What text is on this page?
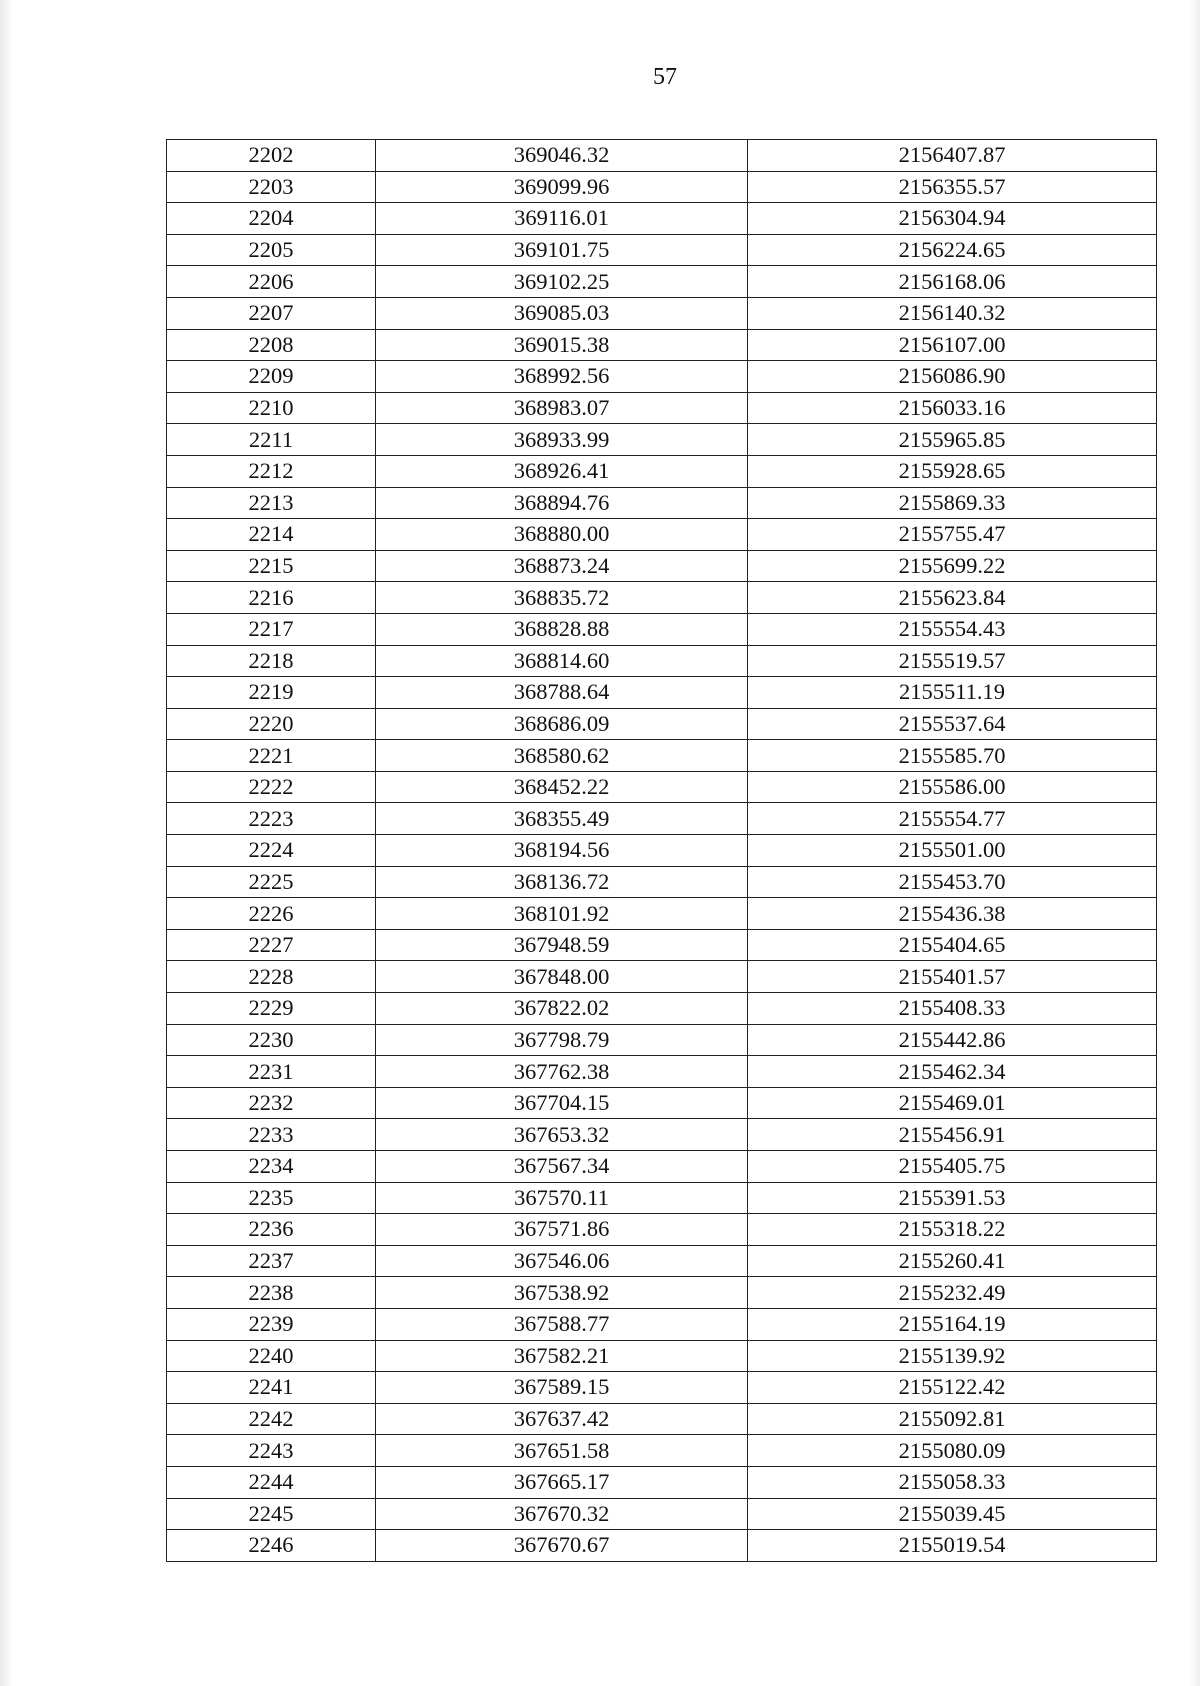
57
2202	369046.32	2156407.87
2203	369099.96	2156355.57
2204	369116.01	2156304.94
2205	369101.75	2156224.65
2206	369102.25	2156168.06
2207	369085.03	2156140.32
2208	369015.38	2156107.00
2209	368992.56	2156086.90
2210	368983.07	2156033.16
2211	368933.99	2155965.85
2212	368926.41	2155928.65
2213	368894.76	2155869.33
2214	368880.00	2155755.47
2215	368873.24	2155699.22
2216	368835.72	2155623.84
2217	368828.88	2155554.43
2218	368814.60	2155519.57
2219	368788.64	2155511.19
2220	368686.09	2155537.64
2221	368580.62	2155585.70
2222	368452.22	2155586.00
2223	368355.49	2155554.77
2224	368194.56	2155501.00
2225	368136.72	2155453.70
2226	368101.92	2155436.38
2227	367948.59	2155404.65
2228	367848.00	2155401.57
2229	367822.02	2155408.33
2230	367798.79	2155442.86
2231	367762.38	2155462.34
2232	367704.15	2155469.01
2233	367653.32	2155456.91
2234	367567.34	2155405.75
2235	367570.11	2155391.53
2236	367571.86	2155318.22
2237	367546.06	2155260.41
2238	367538.92	2155232.49
2239	367588.77	2155164.19
2240	367582.21	2155139.92
2241	367589.15	2155122.42
2242	367637.42	2155092.81
2243	367651.58	2155080.09
2244	367665.17	2155058.33
2245	367670.32	2155039.45
2246	367670.67	2155019.54
